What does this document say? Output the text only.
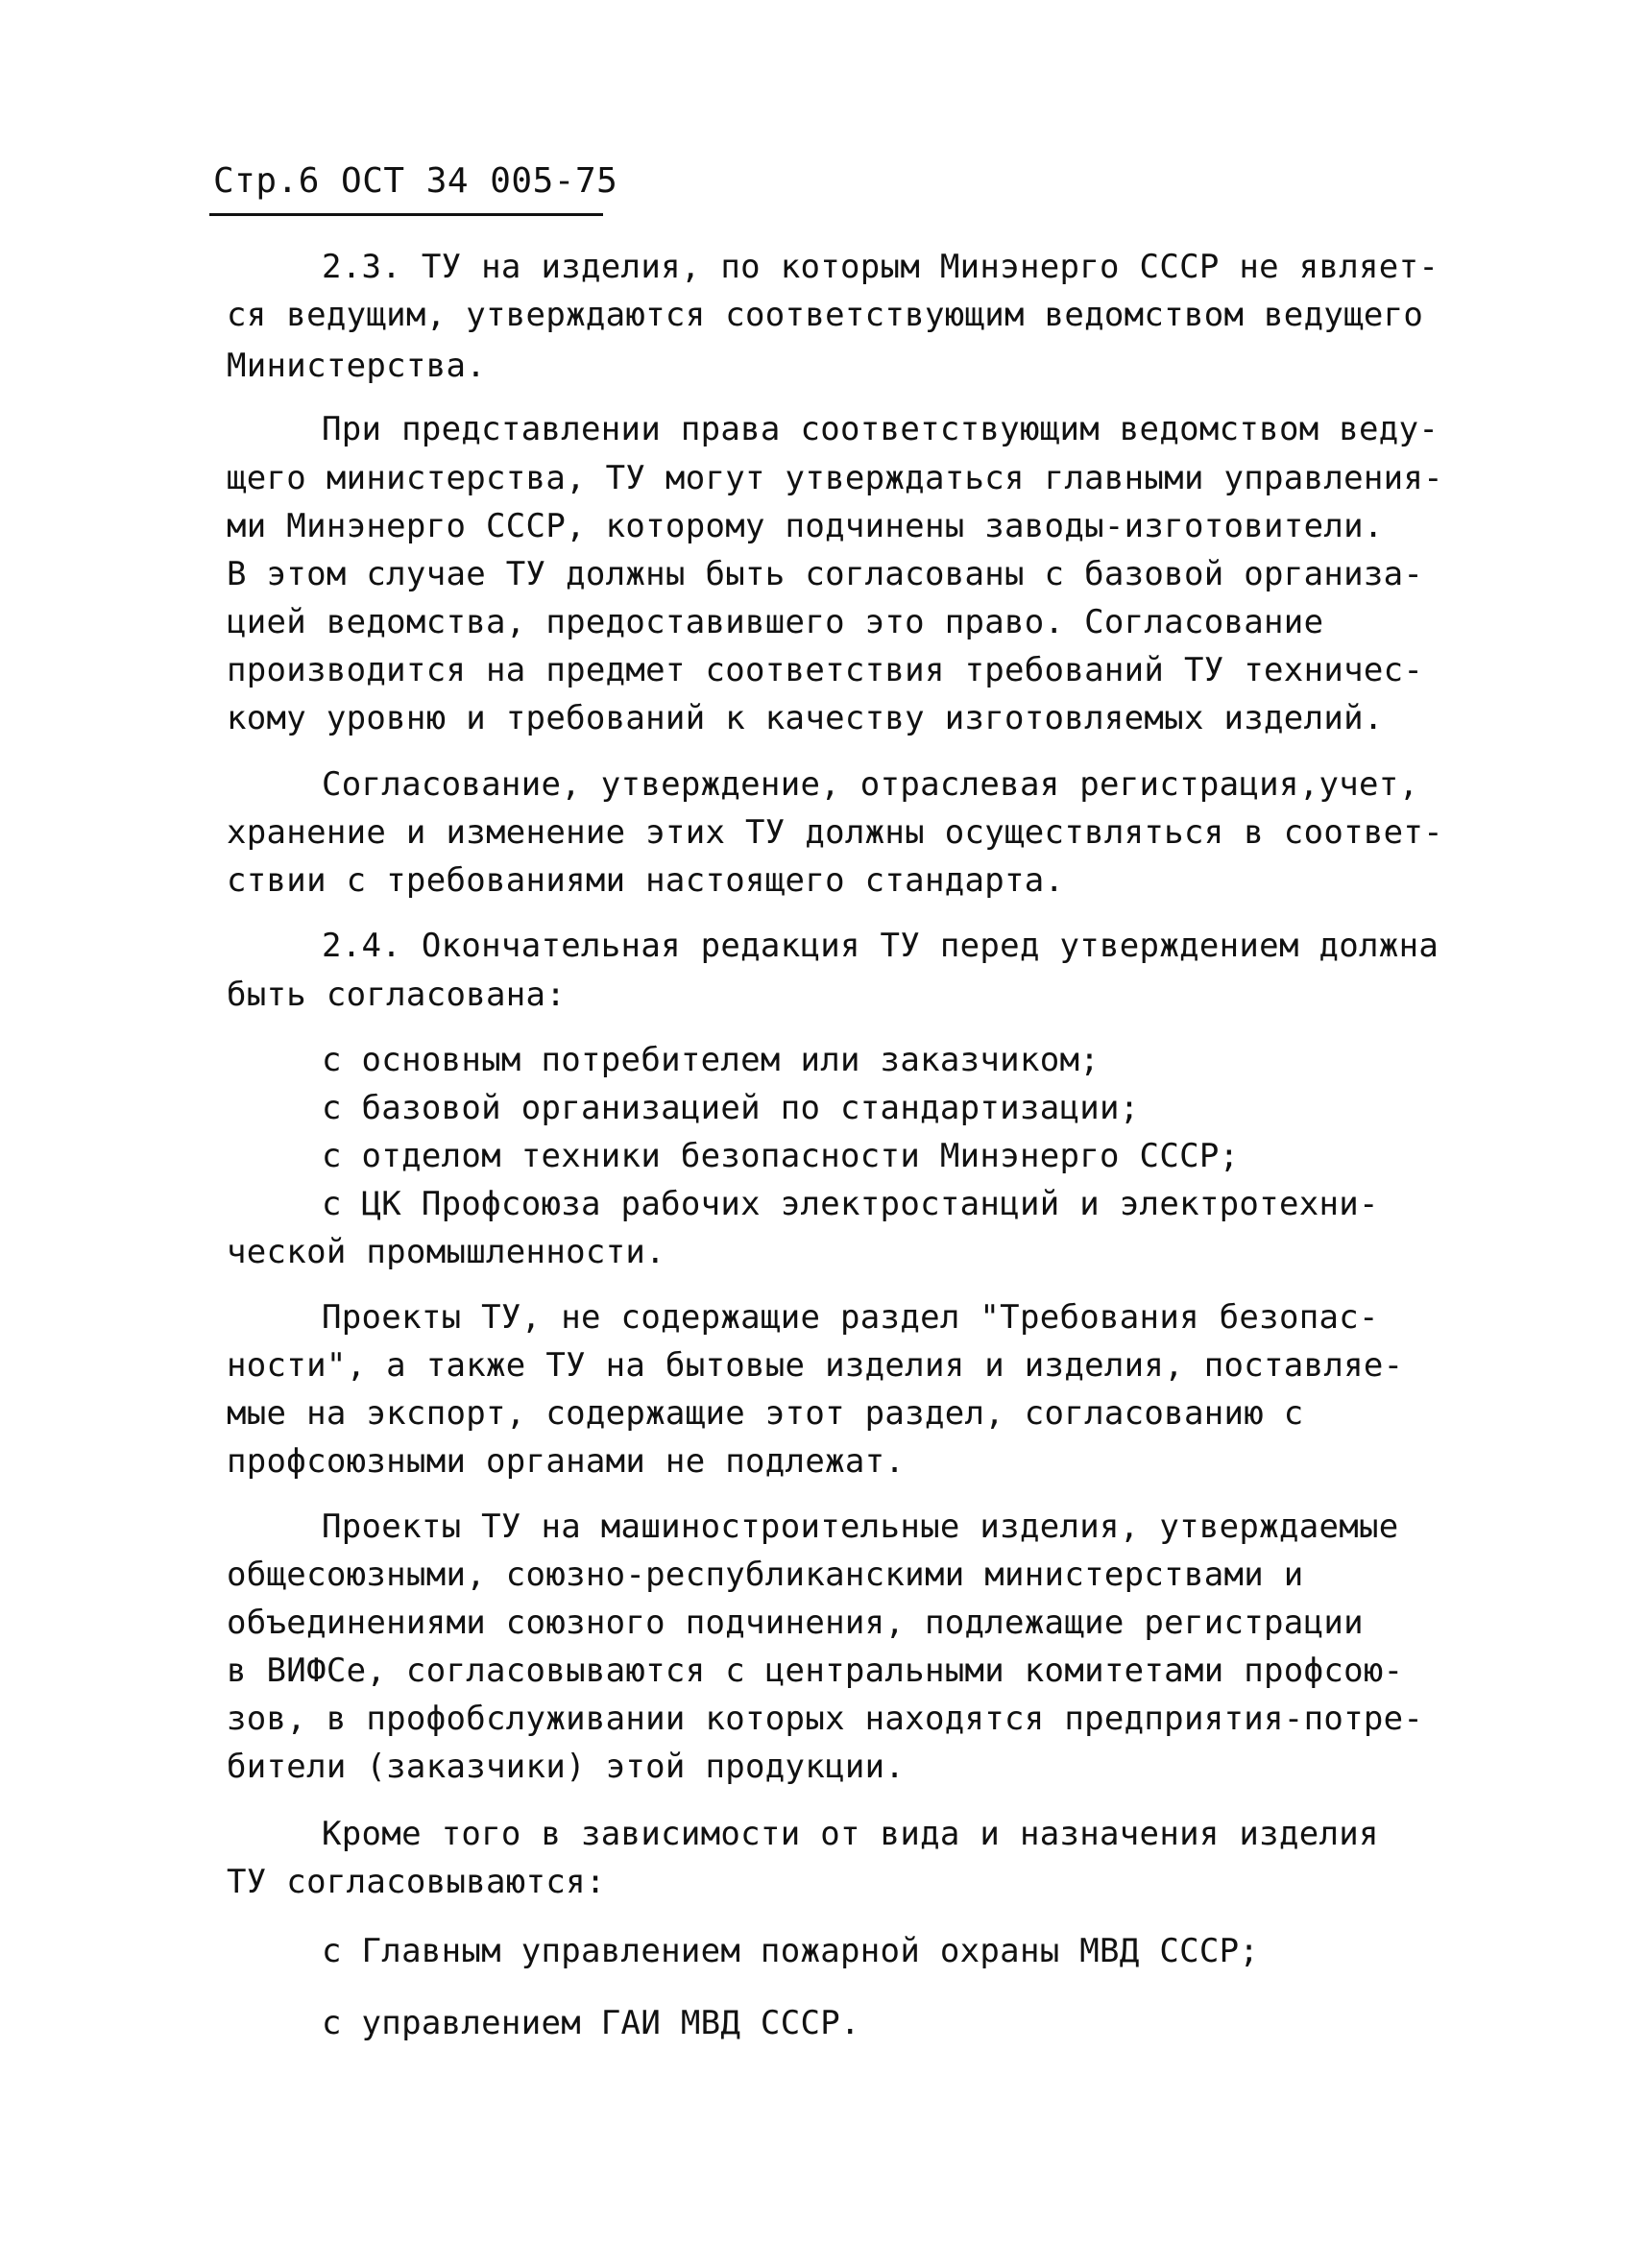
Стр.6 ОСТ 34 005-75
2.3. ТУ на изделия, по которым Минэнерго СССР не являет-
ся ведущим, утверждаются соответствующим ведомством ведущего
Министерства.
При представлении права соответствующим ведомством веду-
щего министерства, ТУ могут утверждаться главными управления-
ми Минэнерго СССР, которому подчинены заводы-изготовители.
В этом случае ТУ должны быть согласованы с базовой организа-
цией ведомства, предоставившего это право. Согласование
производится на предмет соответствия требований ТУ техничес-
кому уровню и требований к качеству изготовляемых изделий.
Согласование, утверждение, отраслевая регистрация,учет,
хранение и изменение этих ТУ должны осуществляться в соответ-
ствии с требованиями настоящего стандарта.
2.4. Окончательная редакция ТУ перед утверждением должна
быть согласована:
с основным потребителем или заказчиком;
с базовой организацией по стандартизации;
с отделом техники безопасности Минэнерго СССР;
с ЦК Профсоюза рабочих электростанций и электротехни-
ческой промышленности.
Проекты ТУ, не содержащие раздел "Требования безопас-
ности", а также ТУ на бытовые изделия и изделия, поставляе-
мые на экспорт, содержащие этот раздел, согласованию с
профсоюзными органами не подлежат.
Проекты ТУ на машиностроительные изделия, утверждаемые
общесоюзными, союзно-республиканскими министерствами и
объединениями союзного подчинения, подлежащие регистрации
в ВИФСе, согласовываются с центральными комитетами профсою-
зов, в профобслуживании которых находятся предприятия-потре-
бители (заказчики) этой продукции.
Кроме того в зависимости от вида и назначения изделия
ТУ согласовываются:
с Главным управлением пожарной охраны МВД СССР;
с управлением ГАИ МВД СССР.
